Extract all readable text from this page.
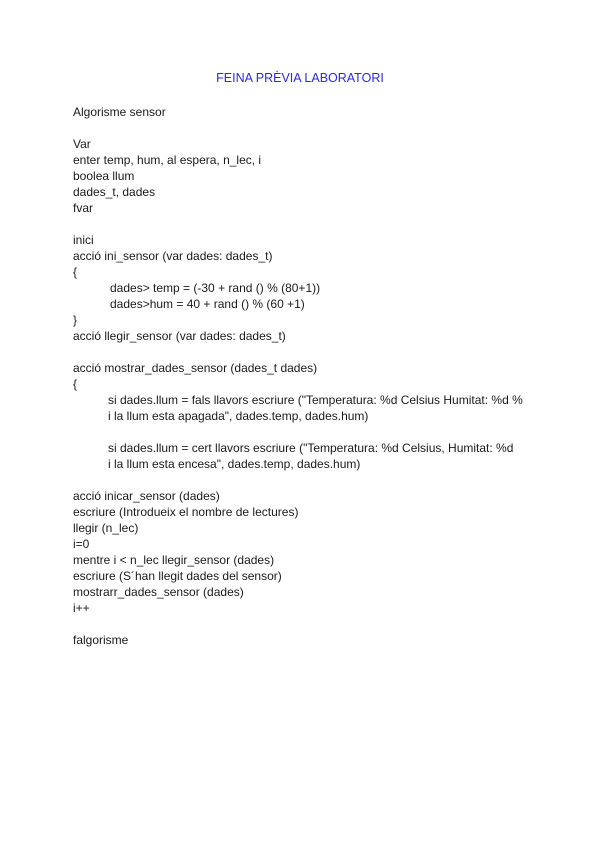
FEINA PRÈVIA LABORATORI
Algorisme sensor
Var
enter temp, hum, al espera, n_lec, i
boolea llum
dades_t, dades
fvar
inici
acció ini_sensor (var dades: dades_t)
{
dades> temp = (-30 + rand () % (80+1))
dades>hum = 40 + rand () % (60 +1)
}
acció llegir_sensor (var dades: dades_t)
acció mostrar_dades_sensor (dades_t dades)
{
si dades.llum = fals llavors escriure ("Temperatura: %d Celsius Humitat: %d %
i la llum esta apagada", dades.temp, dades.hum)
si dades.llum = cert llavors escriure ("Temperatura: %d Celsius, Humitat: %d
i la llum esta encesa", dades.temp, dades.hum)
acció inicar_sensor (dades)
escriure (Introdueix el nombre de lectures)
llegir (n_lec)
i=0
mentre i < n_lec llegir_sensor (dades)
escriure (S´han llegit dades del sensor)
mostrarr_dades_sensor (dades)
i++
falgorisme
